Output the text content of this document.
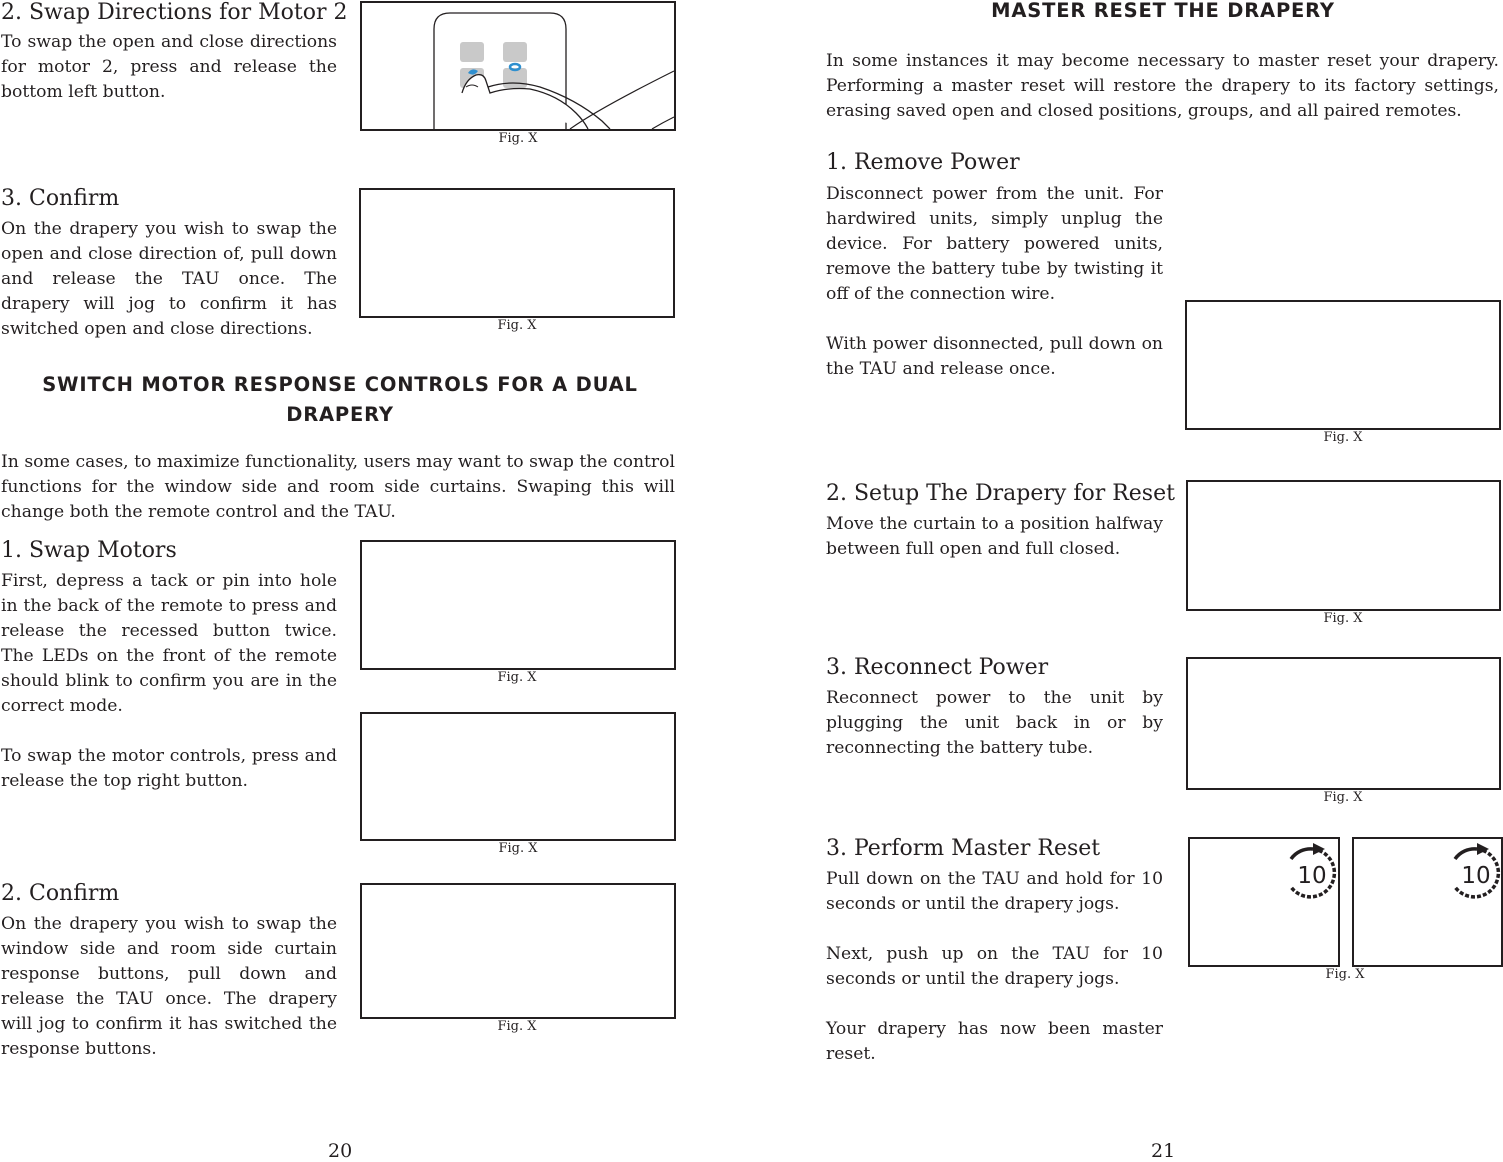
2. Swap Directions for Motor 2
To swap the open and close directions for motor 2, press and release the bottom left button.
Fig. X
3. Confirm
On the drapery you wish to swap the open and close direction of, pull down and release the TAU once. The drapery will jog to confirm it has switched open and close directions.	Fig. X
SWITCH MOTOR RESPONSE CONTROLS FOR A DUAL
DRAPERY
In some cases, to maximize functionality, users may want to swap the control functions for the window side and room side curtains. Swaping this will change both the remote control and the TAU.
1. Swap Motors

First, depress a tack or pin into hole in the back of the remote to press and release the recessed button twice. The LEDs on the front of the remote should blink to confirm you are in the correct mode.

To swap the motor controls, press and release the top right button.

Fig. X
Fig. X
2. Confirm
On the drapery you wish to swap the window side and room side curtain response buttons, pull down and release the TAU once. The drapery will jog to confirm it has switched the response buttons.
Fig. X
20
MASTER RESET THE DRAPERY
In some instances it may become necessary to master reset your drapery. Performing a master reset will restore the drapery to its factory settings, erasing saved open and closed positions, groups, and all paired remotes.
1. Remove Power

Disconnect power from the unit. For hardwired units, simply unplug the device. For battery powered units, remove the battery tube by twisting it off of the connection wire.

With power disonnected, pull down on the TAU and release once.

Fig. X
2. Setup The Drapery for Reset
Move the curtain to a position halfway between full open and full closed.
Fig. X
3. Reconnect Power
Reconnect power to the unit by plugging the unit back in or by reconnecting the battery tube.
Fig. X
3. Perform Master Reset

Pull down on the TAU and hold for 10 seconds or until the drapery jogs.

Next, push up on the TAU for 10 seconds or until the drapery jogs.

Your drapery has now been master reset.

10	10
Fig. X
21
